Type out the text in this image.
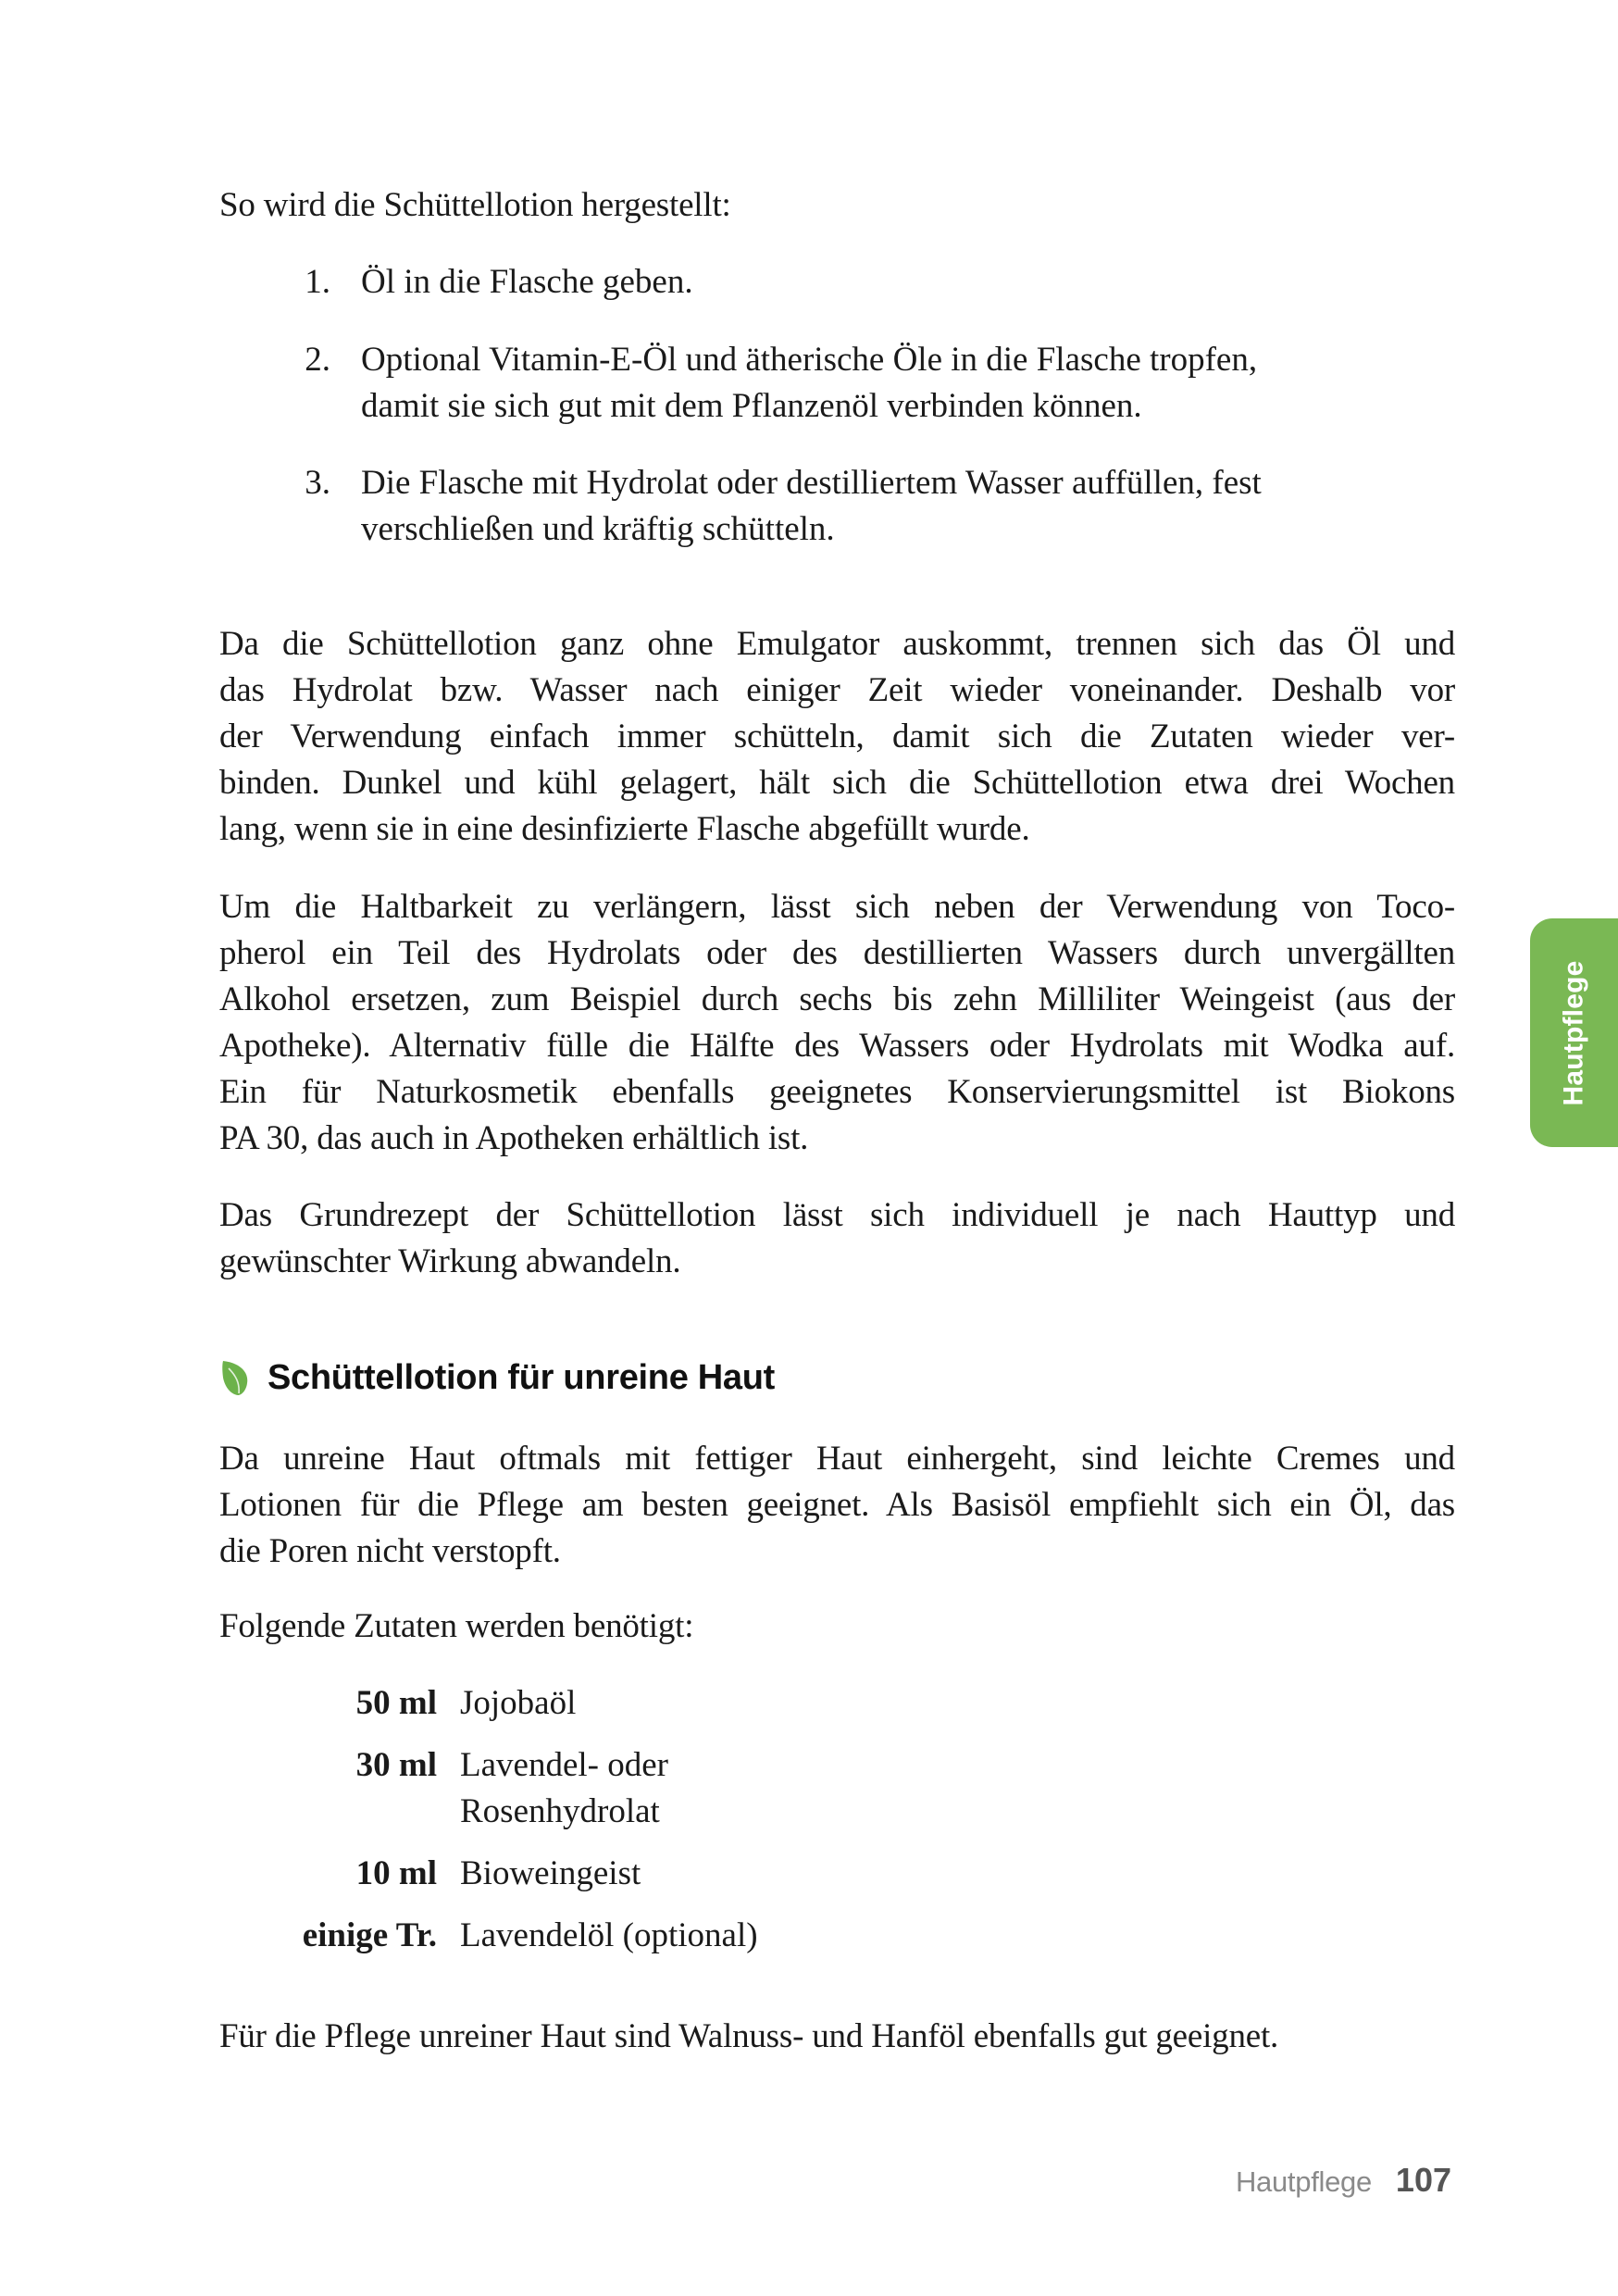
So wird die Schüttellotion hergestellt:

1. Öl in die Flasche geben.
2. Optional Vitamin-E-Öl und ätherische Öle in die Flasche tropfen,
damit sie sich gut mit dem Pflanzenöl verbinden können.
3. Die Flasche mit Hydrolat oder destilliertem Wasser auffüllen, fest
verschließen und kräftig schütteln.
Da die Schüttellotion ganz ohne Emulgator auskommt, trennen sich das Öl und
das Hydrolat bzw. Wasser nach einiger Zeit wieder voneinander. Deshalb vor
der Verwendung einfach immer schütteln, damit sich die Zutaten wieder ver-
binden. Dunkel und kühl gelagert, hält sich die Schüttellotion etwa drei Wochen
lang, wenn sie in eine desinfizierte Flasche abgefüllt wurde.
Um die Haltbarkeit zu verlängern, lässt sich neben der Verwendung von Toco-
pherol ein Teil des Hydrolats oder des destillierten Wassers durch unvergällten
Alkohol ersetzen, zum Beispiel durch sechs bis zehn Milliliter Weingeist (aus der
Apotheke). Alternativ fülle die Hälfte des Wassers oder Hydrolats mit Wodka auf.
Ein für Naturkosmetik ebenfalls geeignetes Konservierungsmittel ist Biokons
PA 30, das auch in Apotheken erhältlich ist.
Das Grundrezept der Schüttellotion lässt sich individuell je nach Hauttyp und
gewünschter Wirkung abwandeln.
Schüttellotion für unreine Haut
Da unreine Haut oftmals mit fettiger Haut einhergeht, sind leichte Cremes und
Lotionen für die Pflege am besten geeignet. Als Basisöl empfiehlt sich ein Öl, das
die Poren nicht verstopft.

Folgende Zutaten werden benötigt:

50 ml Jojobaöl
30 ml Lavendel- oder
Rosenhydrolat
10 ml Bioweingeist
einige Tr. Lavendelöl (optional)

Für die Pflege unreiner Haut sind Walnuss- und Hanföl ebenfalls gut geeignet.

Hautpflege
Hautpflege 107
